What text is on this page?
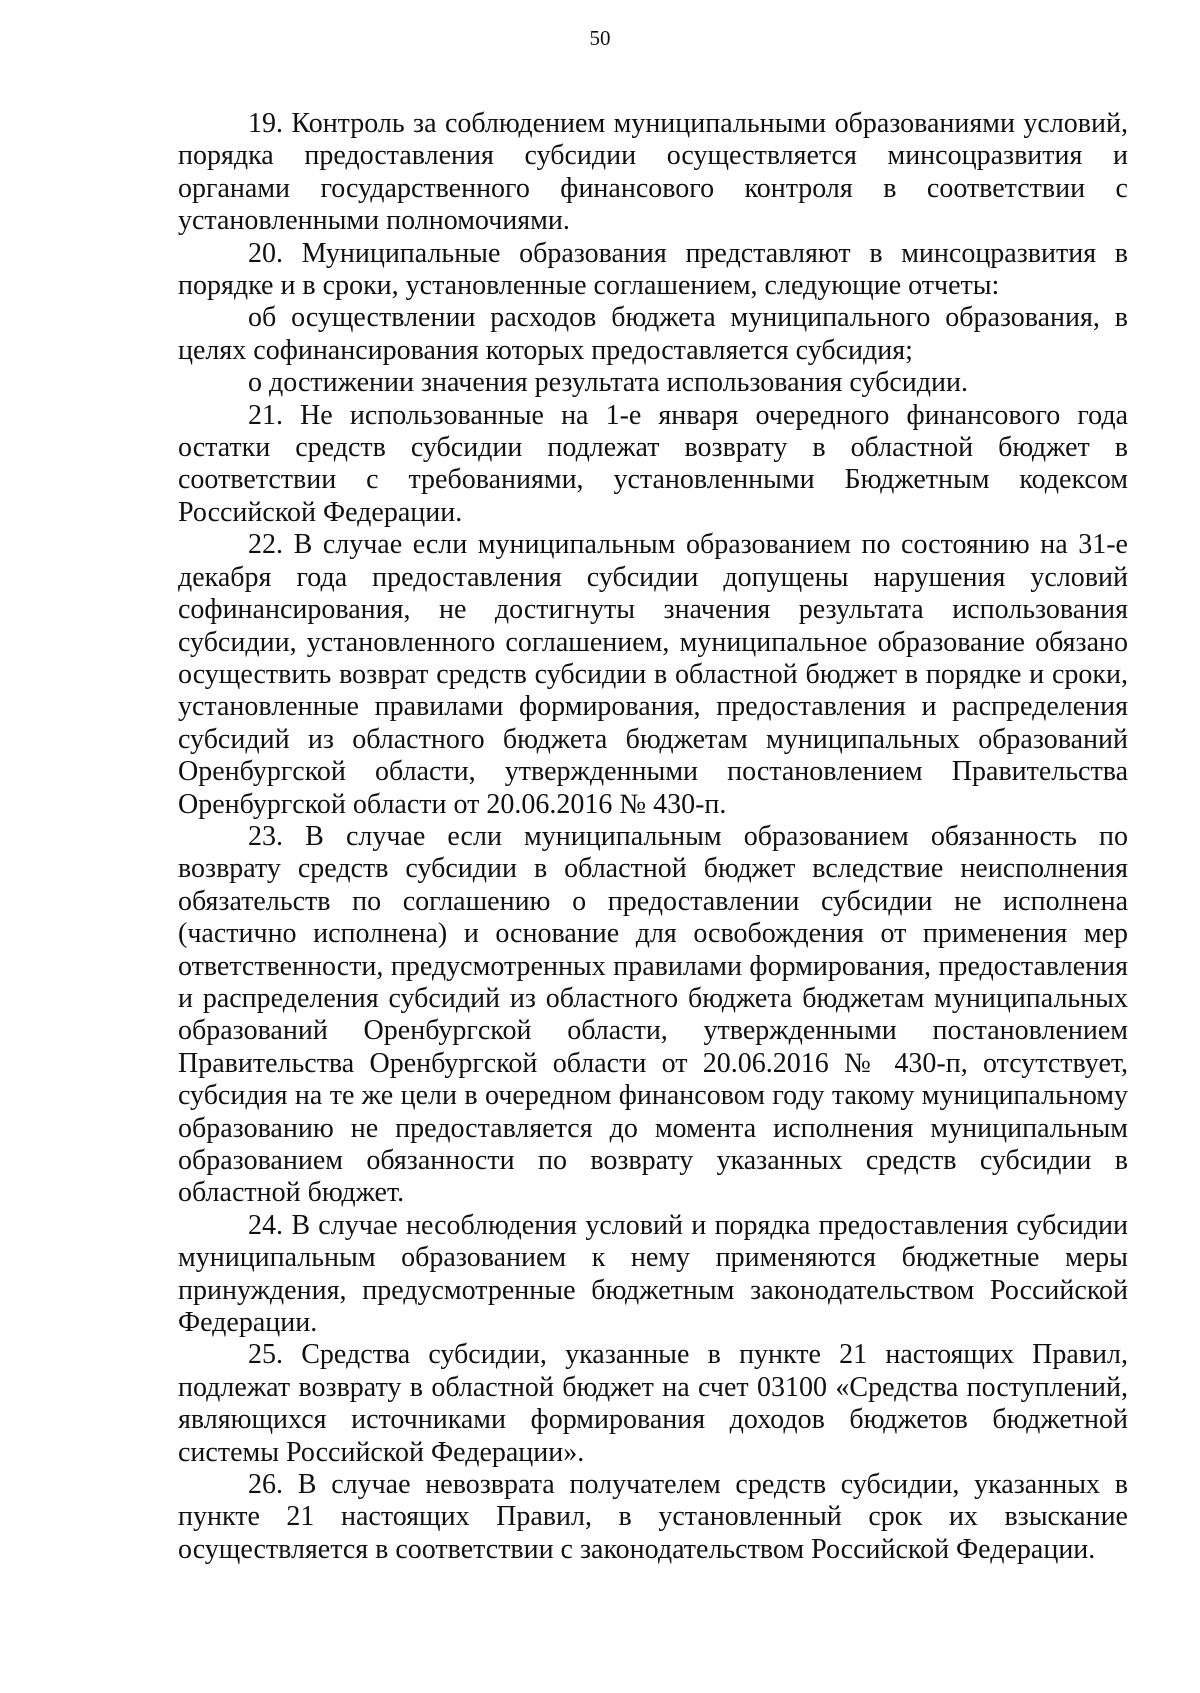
50

19. Контроль за соблюдением муниципальными образованиями условий, порядка предоставления субсидии осуществляется минсоцразвития и органами государственного финансового контроля в соответствии с установленными полномочиями.

20. Муниципальные образования представляют в минсоцразвития в порядке и в сроки, установленные соглашением, следующие отчеты:

об осуществлении расходов бюджета муниципального образования, в целях софинансирования которых предоставляется субсидия;

о достижении значения результата использования субсидии.

21. Не использованные на 1-е января очередного финансового года остатки средств субсидии подлежат возврату в областной бюджет в соответствии с требованиями, установленными Бюджетным кодексом Российской Федерации.

22. В случае если муниципальным образованием по состоянию на 31-е декабря года предоставления субсидии допущены нарушения условий софинансирования, не достигнуты значения результата использования субсидии, установленного соглашением, муниципальное образование обязано осуществить возврат средств субсидии в областной бюджет в порядке и сроки, установленные правилами формирования, предоставления и распределения субсидий из областного бюджета бюджетам муниципальных образований Оренбургской области, утвержденными постановлением Правительства Оренбургской области от 20.06.2016 № 430-п.

23. В случае если муниципальным образованием обязанность по возврату средств субсидии в областной бюджет вследствие неисполнения обязательств по соглашению о предоставлении субсидии не исполнена (частично исполнена) и основание для освобождения от применения мер ответственности, предусмотренных правилами формирования, предоставления и распределения субсидий из областного бюджета бюджетам муниципальных образований Оренбургской области, утвержденными постановлением Правительства Оренбургской области от 20.06.2016 № 430-п, отсутствует, субсидия на те же цели в очередном финансовом году такому муниципальному образованию не предоставляется до момента исполнения муниципальным образованием обязанности по возврату указанных средств субсидии в областной бюджет.

24. В случае несоблюдения условий и порядка предоставления субсидии муниципальным образованием к нему применяются бюджетные меры принуждения, предусмотренные бюджетным законодательством Российской Федерации.

25. Средства субсидии, указанные в пункте 21 настоящих Правил, подлежат возврату в областной бюджет на счет 03100 «Средства поступлений, являющихся источниками формирования доходов бюджетов бюджетной системы Российской Федерации».

26. В случае невозврата получателем средств субсидии, указанных в пункте 21 настоящих Правил, в установленный срок их взыскание осуществляется в соответствии с законодательством Российской Федерации.
